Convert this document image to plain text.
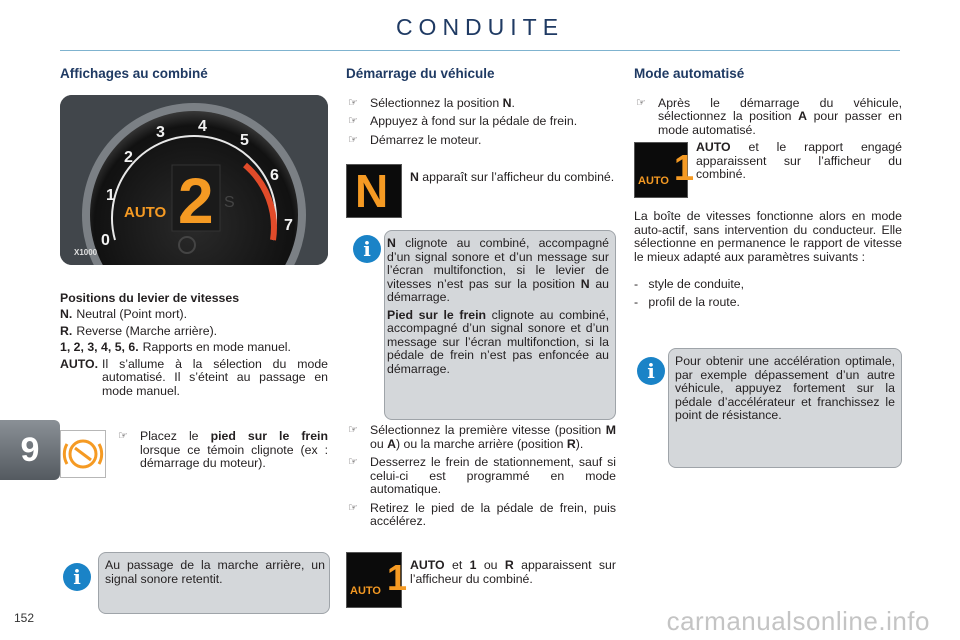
CONDUITE
9
152	carmanualsonline.info
Affichages au combiné
0
1
2
3 4
5
6
7
X1000
2
AUTO
S
Positions du levier de vitesses
N. Neutral (Point mort).
R. Reverse (Marche arrière).
1, 2, 3, 4, 5, 6. Rapports en mode manuel.
AUTO. Il s’allume à la sélection du mode automatisé. Il s’éteint au passage en mode manuel.
☞ Placez le pied sur le frein lorsque ce témoin clignote (ex : démarrage du moteur).
i	Au passage de la marche arrière, un signal sonore retentit.
Démarrage du véhicule
☞ Sélectionnez la position N.
☞ Appuyez à fond sur la pédale de frein.
☞ Démarrez le moteur.
N N apparaît sur l’afficheur du combiné.
i	N clignote au combiné, accompagné d’un signal sonore et d’un message sur l’écran multifonction, si le levier de vitesses n’est pas sur la position N au démarrage.
Pied sur le frein clignote au combiné, accompagné d’un signal sonore et d’un message sur l’écran multifonction, si la pédale de frein n’est pas enfoncée au démarrage.
☞ Sélectionnez la première vitesse (position M ou A) ou la marche arrière (position R).
☞ Desserrez le frein de stationnement, sauf si celui-ci est programmé en mode automatique.
☞ Retirez le pied de la pédale de frein, puis accélérez.
AUTO 1 AUTO et 1 ou R apparaissent sur l’afficheur du combiné.
Mode automatisé
☞ Après le démarrage du véhicule, sélectionnez la position A pour passer en mode automatisé.
AUTO 1 AUTO et le rapport engagé apparaissent sur l’afficheur du combiné.
La boîte de vitesses fonctionne alors en mode auto-actif, sans intervention du conducteur. Elle sélectionne en permanence le rapport de vitesse le mieux adapté aux paramètres suivants :
-   style de conduite,
-   profil de la route.
i	Pour obtenir une accélération optimale, par exemple dépassement d’un autre véhicule, appuyez fortement sur la pédale d’accélérateur et franchissez le point de résistance.
